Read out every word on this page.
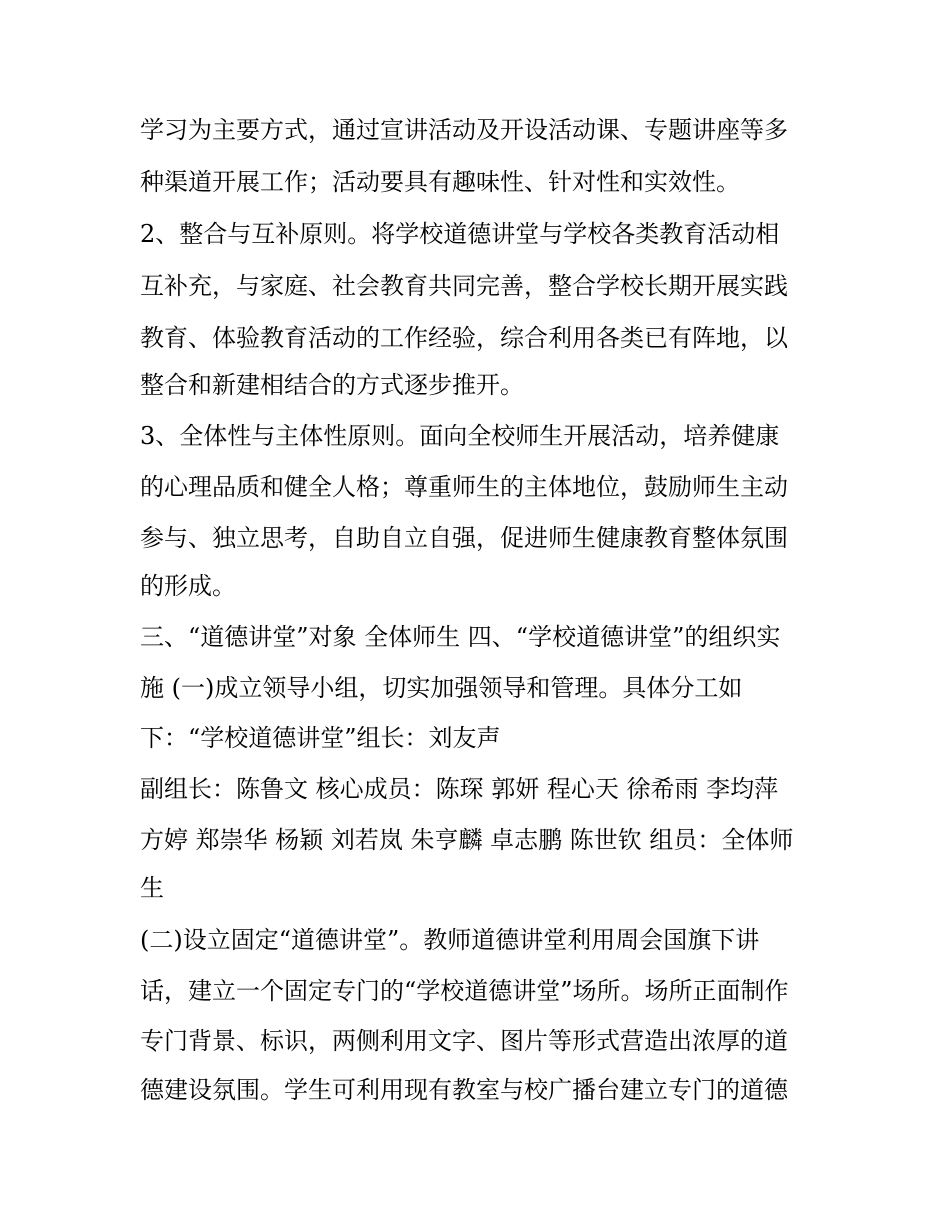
学习为主要方式，通过宣讲活动及开设活动课、专题讲座等多
种渠道开展工作；活动要具有趣味性、针对性和实效性。
2、整合与互补原则。将学校道德讲堂与学校各类教育活动相
互补充，与家庭、社会教育共同完善，整合学校长期开展实践
教育、体验教育活动的工作经验，综合利用各类已有阵地，以
整合和新建相结合的方式逐步推开。
3、全体性与主体性原则。面向全校师生开展活动，培养健康
的心理品质和健全人格；尊重师生的主体地位，鼓励师生主动
参与、独立思考，自助自立自强，促进师生健康教育整体氛围
的形成。
三、“道德讲堂”对象 全体师生 四、“学校道德讲堂”的组织实
施 (一)成立领导小组，切实加强领导和管理。具体分工如
下：“学校道德讲堂”组长：刘友声
副组长：陈鲁文 核心成员：陈琛 郭妍 程心天 徐希雨 李均萍
方婷 郑崇华 杨颖 刘若岚 朱亨麟 卓志鹏 陈世钦 组员：全体师
生
(二)设立固定“道德讲堂”。教师道德讲堂利用周会国旗下讲
话，建立一个固定专门的“学校道德讲堂”场所。场所正面制作
专门背景、标识，两侧利用文字、图片等形式营造出浓厚的道
德建设氛围。学生可利用现有教室与校广播台建立专门的道德
